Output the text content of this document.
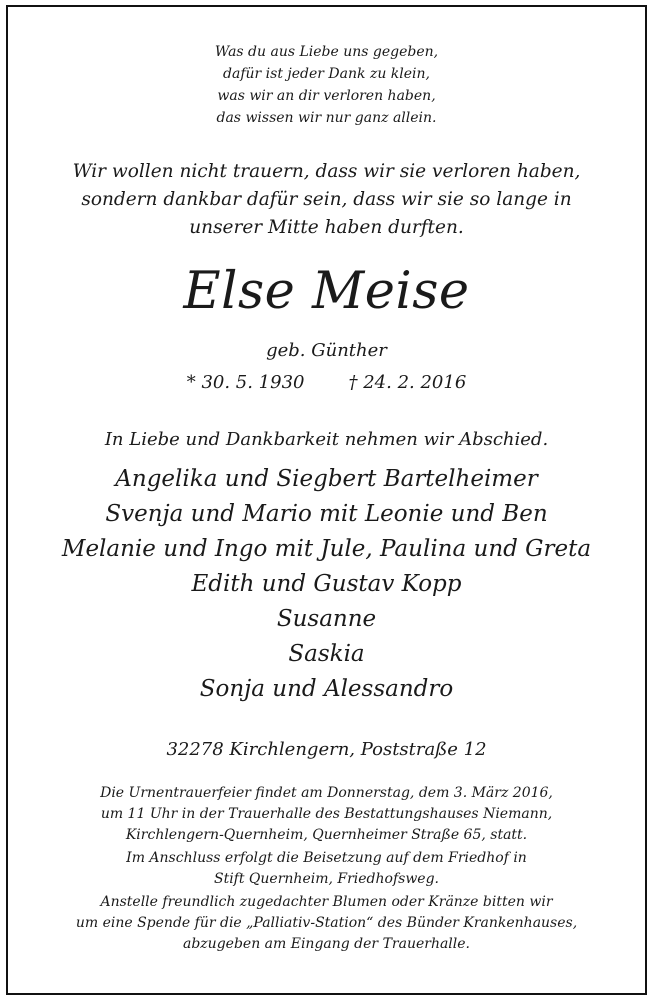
Was du aus Liebe uns gegeben,
dafür ist jeder Dank zu klein,
was wir an dir verloren haben,
das wissen wir nur ganz allein.
Wir wollen nicht trauern, dass wir sie verloren haben,
sondern dankbar dafür sein, dass wir sie so lange in
unserer Mitte haben durften.
Else Meise
geb. Günther
* 30. 5. 1930 † 24. 2. 2016
In Liebe und Dankbarkeit nehmen wir Abschied.
Angelika und Siegbert Bartelheimer
Svenja und Mario mit Leonie und Ben
Melanie und Ingo mit Jule, Paulina und Greta
Edith und Gustav Kopp
Susanne
Saskia
Sonja und Alessandro
32278 Kirchlengern, Poststraße 12
Die Urnentrauerfeier findet am Donnerstag, dem 3. März 2016,
um 11 Uhr in der Trauerhalle des Bestattungshauses Niemann,
Kirchlengern-Quernheim, Quernheimer Straße 65, statt.
Im Anschluss erfolgt die Beisetzung auf dem Friedhof in
Stift Quernheim, Friedhofsweg.
Anstelle freundlich zugedachter Blumen oder Kränze bitten wir
um eine Spende für die „Palliativ-Station“ des Bünder Krankenhauses,
abzugeben am Eingang der Trauerhalle.
